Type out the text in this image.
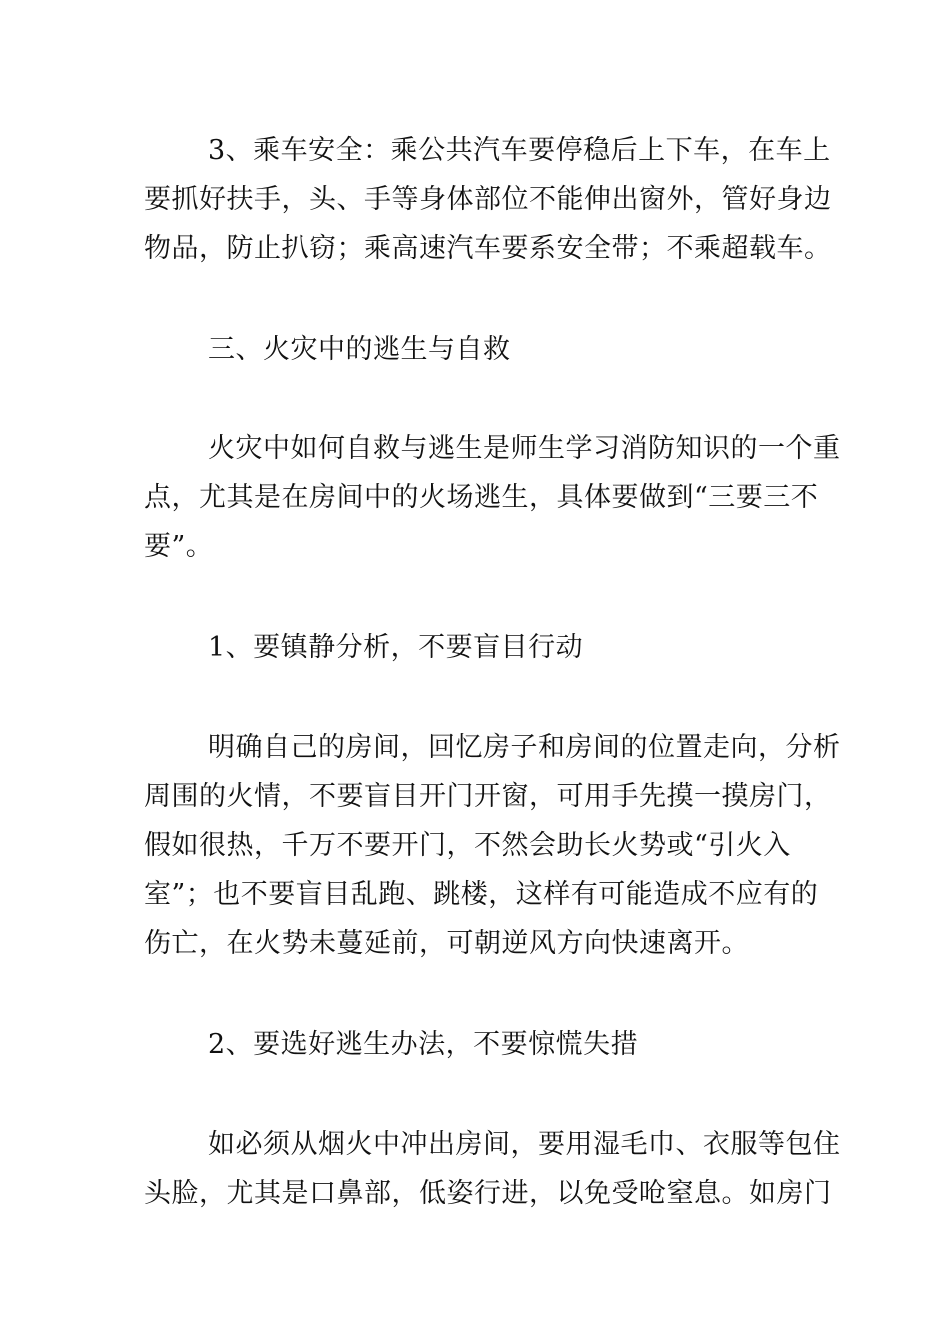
3、乘车安全：乘公共汽车要停稳后上下车，在车上
要抓好扶手，头、手等身体部位不能伸出窗外，管好身边
物品，防止扒窃；乘高速汽车要系安全带；不乘超载车。
三、火灾中的逃生与自救
火灾中如何自救与逃生是师生学习消防知识的一个重
点，尤其是在房间中的火场逃生，具体要做到“三要三不
要”。
1、要镇静分析，不要盲目行动
明确自己的房间，回忆房子和房间的位置走向，分析
周围的火情，不要盲目开门开窗，可用手先摸一摸房门，
假如很热，千万不要开门，不然会助长火势或“引火入
室”；也不要盲目乱跑、跳楼，这样有可能造成不应有的
伤亡，在火势未蔓延前，可朝逆风方向快速离开。
2、要选好逃生办法，不要惊慌失措
如必须从烟火中冲出房间，要用湿毛巾、衣服等包住
头脸，尤其是口鼻部，低姿行进，以免受呛窒息。如房门
